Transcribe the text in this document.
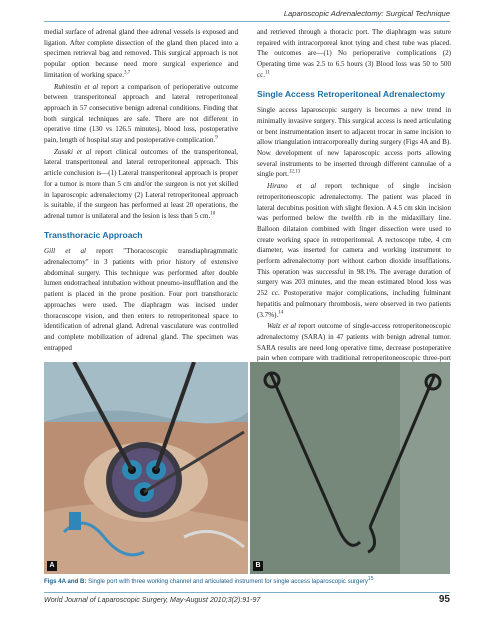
Laparoscopic Adrenalectomy: Surgical Technique

medial surface of adrenal gland thee adrenal vessels is exposed and ligation. After complete dissection of the gland then placed into a specimen retrieval bag and removed. This surgical approach is not popular option because need more surgical experience and limitation of working space.$^{3,7}$

Rubinstin et al report a comparison of perioperative outcome between transperitoneal approach and lateral retroperitoneal approach in 57 consecutive benign adrenal conditions. Finding that both surgical techniques are safe. There are not different in operative time (130 vs 126.5 minutes), blood loss, postoperative pain, length of hospital stay and postoperative complication.$^9$

Zusuki et al report clinical outcomes of the transperitoneal, lateral transperitoneal and lateral retroperitoneal approach. This article conclusion is—(1) Lateral transperitoneal approach is proper for a tumor is more than 5 cm and/or the surgeon is not yet skilled in laparoscopic adrenalectomy (2) Lateral retroperitoneal approach is suitable, if the surgeon has performed at least 20 operations, the adrenal tumor is unilateral and the lesion is less than 5 cm.$^{10}$

Transthoracic Approach

Gill et al report "Thoracoscopic transdiaphragmmatic adrenalectomy" in 3 patients with prior history of extensive abdominal surgery. This technique was performed after double lumen endotracheal intubation without pneumo-insufflation and the patient is placed in the prone position. Four port transthoracic approaches were used. The diaphragm was incised under thoracoscope vision, and then enters to retroperitoneal space to identification of adrenal gland. Adrenal vasculature was controlled and complete mobilization of adrenal gland. The specimen was entrapped

and retrieved through a thoracic port. The diaphragm was suture repaired with intracorporeal knot tying and chest tube was placed. The outcomes are—(1) No perioperative complications (2) Operating time was 2.5 to 6.5 hours (3) Blood loss was 50 to 500 cc.$^{11}$

Single Access Retroperitoneal Adrenalectomy

Single access laparoscopic surgery is becomes a new trend in minimally invasive surgery. This surgical access is need articulating or bent instrumentation insert to adjacent trocar in same incision to allow triangulation intracorporeally during surgery (Figs 4A and B). Now development of new laparoscopic access ports allowing several instruments to be inserted through different cannulae of a single port.$^{12,13}$

Hirano et al report technique of single incision retroperitoneoscopic adrenalectomy. The patient was placed in lateral decubitus position with slight flexion. A 4.5 cm skin incision was performed below the twelfth rib in the midaxillary line. Balloon dilataion combined with finger dissection were used to create working space in retroperitoneal. A rectoscope tube, 4 cm diameter, was inserted for camera and working instrument to perform adrenalectomy port without carbon dioxide insufflations. This operation was successful in 98.1%. The average duration of surgery was 203 minutes, and the mean estimated blood loss was 252 cc. Postoperative major complications, including fulminant hepatitis and pulmonary thrombosis, were observed in two patients (3.7%).$^{14}$

Walz et al report outcome of single-access retroperitoneoscopic adrenalectomy (SARA) in 47 patients with benign adrenal tumor. SARA results are need long operative time, decrease postoperative pain when compare with traditional retroperitoneoscopic three-port

A	B
Figs 4A and B: Single port with three working channel and articulated instrument for single access laparoscopic surgery$^{15}$
World Journal of Laparoscopic Surgery, May-August 2010;3(2):91-97	95
